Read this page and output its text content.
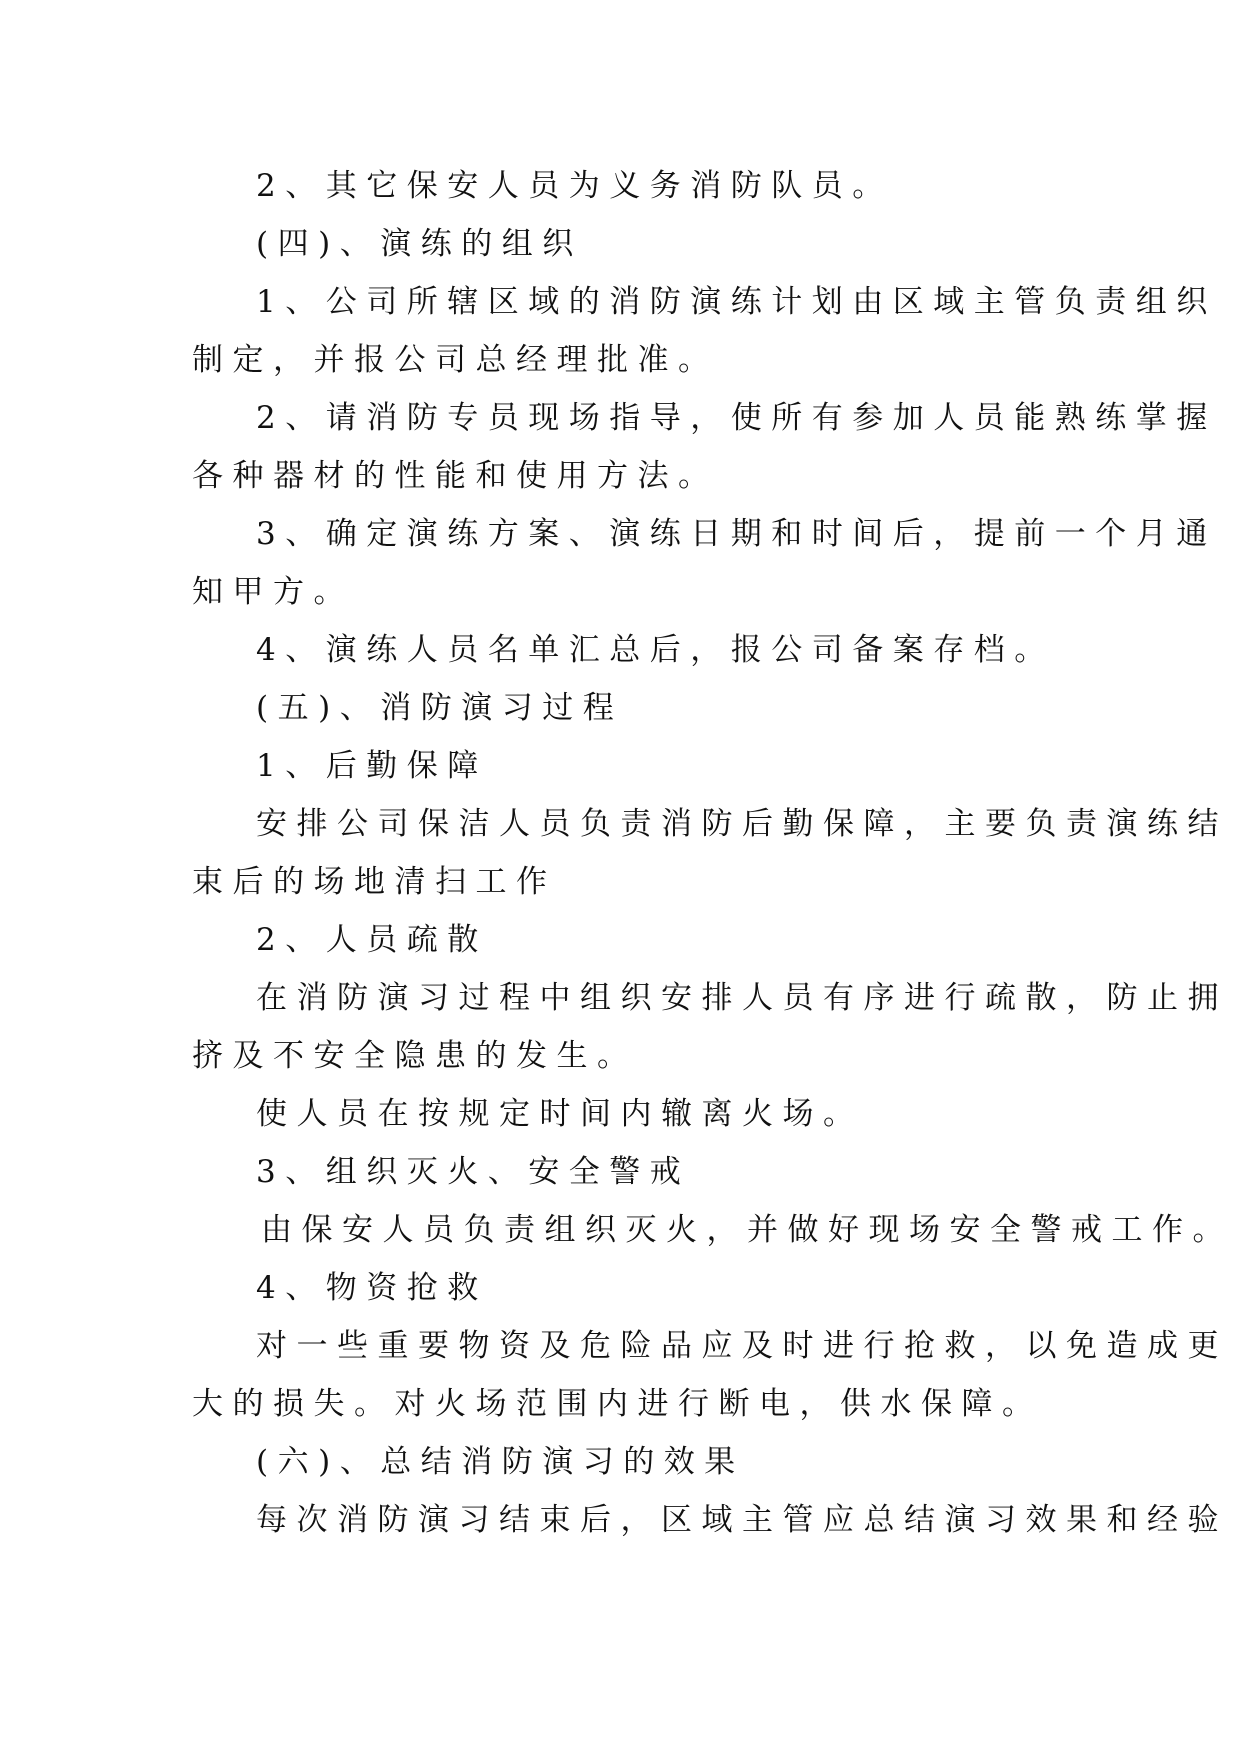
2、其它保安人员为义务消防队员。
(四)、演练的组织
1、公司所辖区域的消防演练计划由区域主管负责组织
制定，并报公司总经理批准。
2、请消防专员现场指导，使所有参加人员能熟练掌握
各种器材的性能和使用方法。
3、确定演练方案、演练日期和时间后，提前一个月通
知甲方。
4、演练人员名单汇总后，报公司备案存档。
(五)、消防演习过程
1、后勤保障
安排公司保洁人员负责消防后勤保障，主要负责演练结
束后的场地清扫工作
2、人员疏散
在消防演习过程中组织安排人员有序进行疏散，防止拥
挤及不安全隐患的发生。
使人员在按规定时间内辙离火场。
3、组织灭火、安全警戒
由保安人员负责组织灭火，并做好现场安全警戒工作。
4、物资抢救
对一些重要物资及危险品应及时进行抢救，以免造成更
大的损失。对火场范围内进行断电，供水保障。
(六)、总结消防演习的效果
每次消防演习结束后，区域主管应总结演习效果和经验
